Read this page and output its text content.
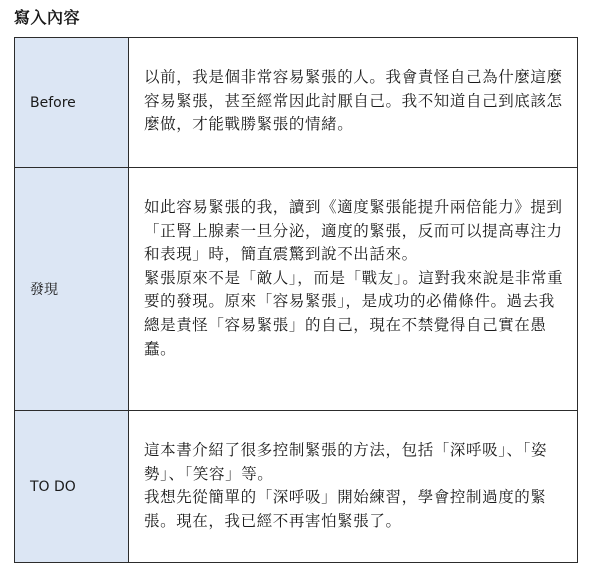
寫入內容
Before

以前，我是個非常容易緊張的人。我會責怪自己為什麼這麼容易緊張，甚至經常因此討厭自己。我不知道自己到底該怎麼做，才能戰勝緊張的情緒。

發現

如此容易緊張的我，讀到《適度緊張能提升兩倍能力》提到「正腎上腺素一旦分泌，適度的緊張，反而可以提高專注力和表現」時，簡直震驚到說不出話來。

緊張原來不是「敵人」，而是「戰友」。這對我來說是非常重要的發現。原來「容易緊張」，是成功的必備條件。過去我總是責怪「容易緊張」的自己，現在不禁覺得自己實在愚蠢。

TO DO

這本書介紹了很多控制緊張的方法，包括「深呼吸」、「姿勢」、「笑容」等。

我想先從簡單的「深呼吸」開始練習，學會控制過度的緊張。現在，我已經不再害怕緊張了。
